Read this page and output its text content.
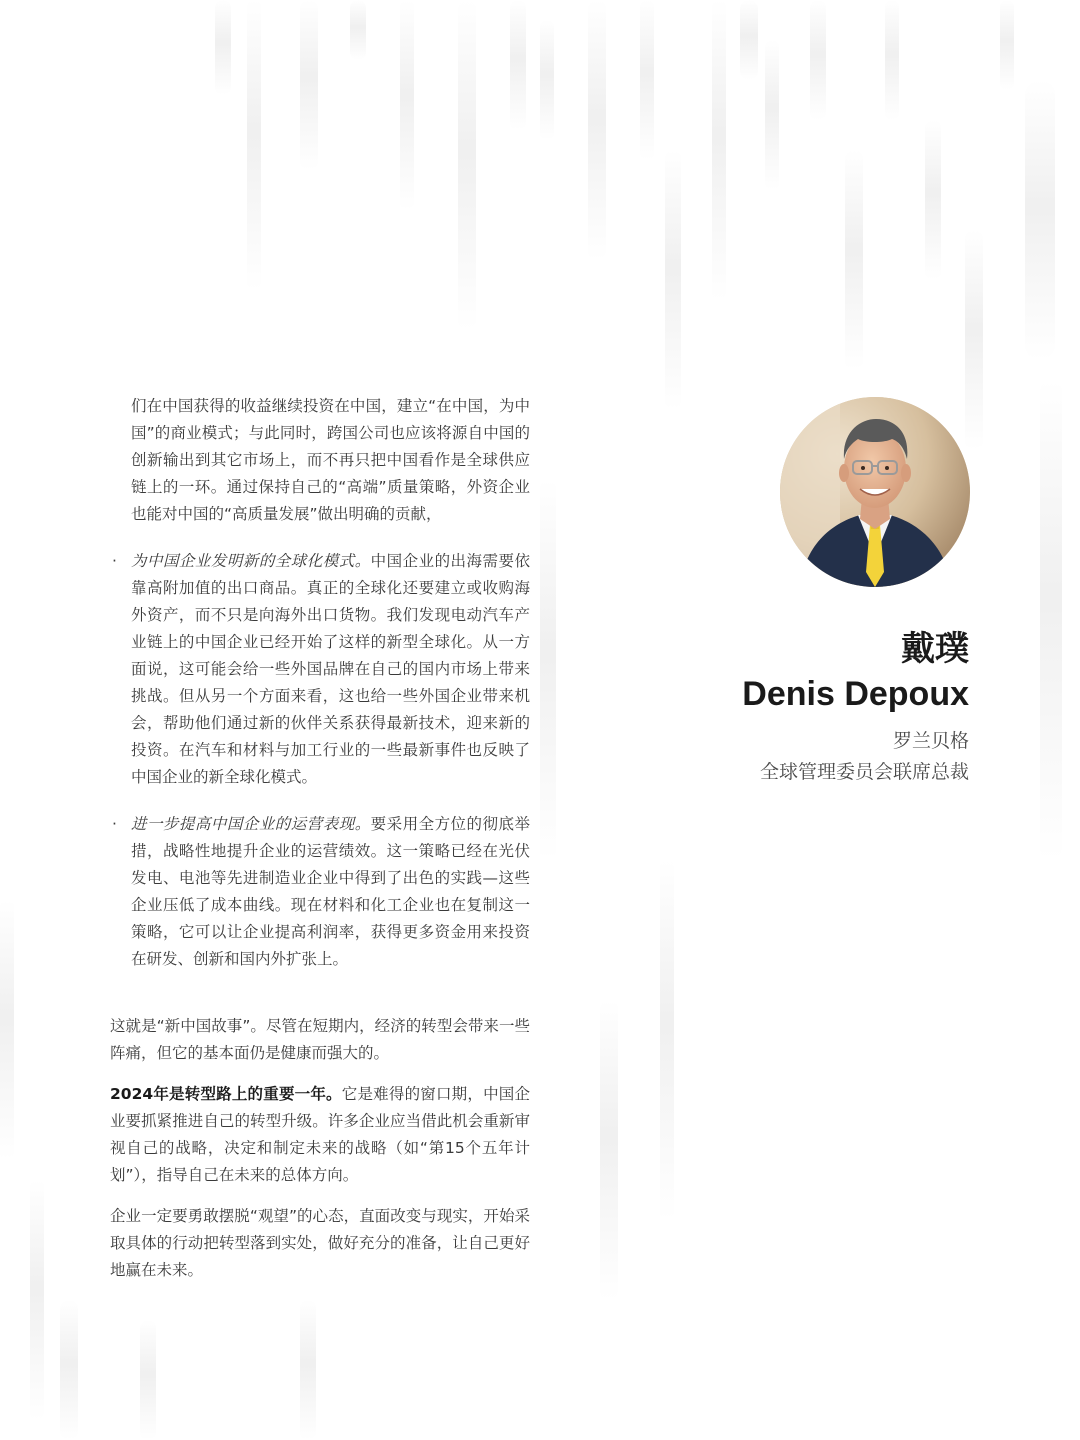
们在中国获得的收益继续投资在中国，建立“在中国，为中国”的商业模式；与此同时，跨国公司也应该将源自中国的创新输出到其它市场上，而不再只把中国看作是全球供应链上的一环。通过保持自己的“高端”质量策略，外资企业也能对中国的“高质量发展”做出明确的贡献，

· 为中国企业发明新的全球化模式。中国企业的出海需要依靠高附加值的出口商品。真正的全球化还要建立或收购海外资产，而不只是向海外出口货物。我们发现电动汽车产业链上的中国企业已经开始了这样的新型全球化。从一方面说，这可能会给一些外国品牌在自己的国内市场上带来挑战。但从另一个方面来看，这也给一些外国企业带来机会，帮助他们通过新的伙伴关系获得最新技术，迎来新的投资。在汽车和材料与加工行业的一些最新事件也反映了中国企业的新全球化模式。

· 进一步提高中国企业的运营表现。要采用全方位的彻底举措，战略性地提升企业的运营绩效。这一策略已经在光伏发电、电池等先进制造业企业中得到了出色的实践—这些企业压低了成本曲线。现在材料和化工企业也在复制这一策略，它可以让企业提高利润率，获得更多资金用来投资在研发、创新和国内外扩张上。

这就是“新中国故事”。尽管在短期内，经济的转型会带来一些阵痛，但它的基本面仍是健康而强大的。

2024年是转型路上的重要一年。它是难得的窗口期，中国企业要抓紧推进自己的转型升级。许多企业应当借此机会重新审视自己的战略，决定和制定未来的战略（如“第15个五年计划”），指导自己在未来的总体方向。

企业一定要勇敢摆脱“观望”的心态，直面改变与现实，开始采取具体的行动把转型落到实处，做好充分的准备，让自己更好地赢在未来。

戴璞

Denis Depoux

罗兰贝格

全球管理委员会联席总裁
